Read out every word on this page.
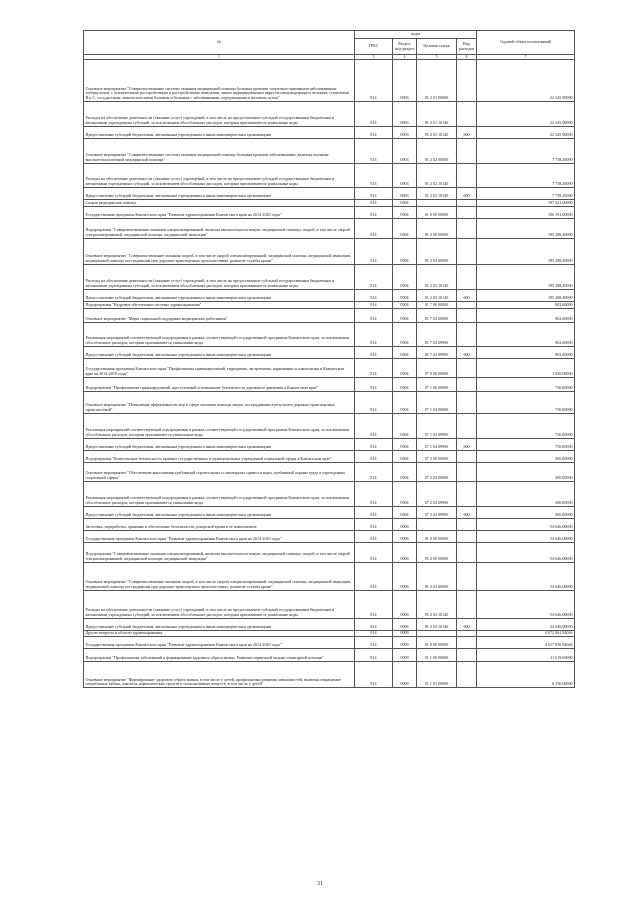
№	коды				Годовой объем ассигнований
	ГРБС	Раздел, под-раздел	Целевая статья	Вид расходов	
1	3	4	5	6	7
Основное мероприятие "Совершенствование системы оказания медицинской помощи больным прочими социально-значимыми заболеваниями: туберкулезом, с психическими расстройствами и расстройствами поведения, лицам инфицированным вирусом иммунодефицита человека, гепатитами В и С, сосудистыми, онкологическими больным и больным с заболеваниями, передающимися половым путем"	814	0903	01 2 01 00000		22 345,90000
Расходы на обеспечение деятельности (оказание услуг) учреждений, в том числе на предоставление субсидий государственным бюджетным и автономным учреждениям субсидий, за исключением обособленных расходов, которым присваиваются уникальные коды	814	0903	01 2 01 10140		22 345,90000
Предоставление субсидий бюджетным, автономным учреждениям и иным некоммерческим организациям	814	0903	01 2 01 10140	600	22 345,90000
Основное мероприятие "Совершенствование системы оказания медицинской помощи больным прочими заболеваниями, включая оказание высокотехнологичной медицинской помощи"	814	0903	01 2 02 00000		7 758,20000
Расходы на обеспечение деятельности (оказание услуг) учреждений, в том числе на предоставление субсидий государственным бюджетным и автономным учреждениям субсидий, за исключением обособленных расходов, которым присваиваются уникальные коды	814	0903	01 2 02 10140		7 758,20000
Предоставление субсидий бюджетным, автономным учреждениям и иным некоммерческим организациям	814	0903	01 2 02 10140	600	7 758,20000
Скорая медицинская помощь	814	0904			197 241,00000
Государственная программа Камчатского края "Развитие здравоохранения Камчатского края на 2014-2020 годы"	814	0904	01 0 00 00000		196 191,00000
Подпрограмма "Совершенствование оказания специализированной, включая высокотехнологичную, медицинской помощи, скорой, в том числе скорой специализированной, медицинской помощи, медицинской эвакуации"	814	0904	01 2 00 00000		195 288,40000
Основное мероприятие "Совершенствование оказания скорой, в том числе скорой специализированной, медицинской помощи, медицинской эвакуации, медицинской помощи пострадавшим при дорожно-транспортных происшествиях, развитие службы крови"	814	0904	01 2 03 00000		195 288,40000
Расходы на обеспечение деятельности (оказание услуг) учреждений, в том числе на предоставление субсидий государственным бюджетным и автономным учреждениям субсидий, за исключением обособленных расходов, которым присваиваются уникальные коды	814	0904	01 2 03 10140		195 288,40000
Предоставление субсидий бюджетным, автономным учреждениям и иным некоммерческим организациям	814	0904	01 2 03 10140	600	195 288,40000
Подпрограмма "Кадровое обеспечение системы здравоохранения"	814	0904	01 7 00 00000		902,60000
Основное мероприятие "Меры социальной поддержки медицинских работников"	814	0904	01 7 02 00000		902,60000
Реализация мероприятий соответствующей подпрограммы в рамках соответствующей государственной программы Камчатского края, за исключением обособленных расходов, которым присваиваются уникальные коды	814	0904	01 7 02 09990		902,60000
Предоставление субсидий бюджетным, автономным учреждениям и иным некоммерческим организациям	814	0904	01 7 02 09990	600	902,60000
Государственная программа Камчатского края "Профилактика правонарушений, терроризма, экстремизма, наркомании и алкоголизма в Камчатском крае на 2014-2018 годы"	814	0904	07 0 00 00000		1 050,00000
Подпрограмма "Профилактика правонарушений, преступлений и повышение безопасности дорожного движения в Камчатском крае"	814	0904	07 1 00 00000		750,00000
Основное мероприятие "Повышение эффективности мер в сфере оказания помощи лицам, пострадавшим в результате дорожно-транспортных происшествий"	814	0904	07 1 04 00000		750,00000
Реализация мероприятий соответствующей подпрограммы в рамках соответствующей государственной программы Камчатского края, за исключением обособленных расходов, которым присваиваются уникальные коды	814	0904	07 1 04 09990		750,00000
Предоставление субсидий бюджетным, автономным учреждениям и иным некоммерческим организациям	814	0904	07 1 04 09990	600	750,00000
Подпрограмма "Комплексные безопасность краевых государственных и муниципальных учреждений социальной сферы в Камчатском крае"	814	0904	07 2 00 00000		300,00000
Основное мероприятие "Обеспечение выполнения требований строительных и санитарных правил и норм, требований охраны труда в учреждениях социальной сферы"	814	0904	07 2 02 00000		300,00000
Реализация мероприятий соответствующей подпрограммы в рамках соответствующей государственной программы Камчатского края, за исключением обособленных расходов, которым присваиваются уникальные коды	814	0904	07 2 02 09990		300,00000
Предоставление субсидий бюджетным, автономным учреждениям и иным некоммерческим организациям	814	0904	07 2 02 09990	600	300,00000
Заготовка, переработка, хранение и обеспечение безопасности донорской крови и ее компонентов	814	0906			54 646,00000
Государственная программа Камчатского края "Развитие здравоохранения Камчатского края на 2014-2020 годы"	814	0906	01 0 00 00000		54 646,00000
Подпрограмма "Совершенствование оказания специализированной, включая высокотехнологичную, медицинской помощи, скорой, в том числе скорой специализированной, медицинской помощи, медицинской эвакуации"	814	0906	01 2 00 00000		54 646,00000
Основное мероприятие "Совершенствование оказания скорой, в том числе скорой специализированной, медицинской помощи, медицинской эвакуации, медицинской помощи пострадавшим при дорожно-транспортных происшествиях, развитие службы крови"	814	0906	01 2 03 00000		54 646,00000
Расходы на обеспечение деятельности (оказание услуг) учреждений, в том числе на предоставление субсидий государственным бюджетным и автономным учреждениям субсидий, за исключением обособленных расходов, которым присваиваются уникальные коды	814	0906	01 2 03 10140		54 646,00000
Предоставление субсидий бюджетным, автономным учреждениям и иным некоммерческим организациям	814	0906	01 2 03 10140	600	54 646,00000
Другие вопросы в области здравоохранения	814	0909			4 672 061,94046
Государственная программа Камчатского края "Развитие здравоохранения Камчатского края на 2014-2020 годы"	814	0909	01 0 00 00000		4 617 856,94046
Подпрограмма "Профилактика заболеваний и формирование здорового образа жизни. Развитие первичной медико-санитарной помощи"	814	0909	01 1 00 00000		11 619,60000
Основное мероприятие "Формирование здорового образа жизни, в том числе у детей, профилактика развития зависимостей, включая сокращение потребления табака, алкоголя, наркотических средств и психоактивных веществ, в том числе у детей"	814	0909	01 1 01 00000		6 150,00000
31
